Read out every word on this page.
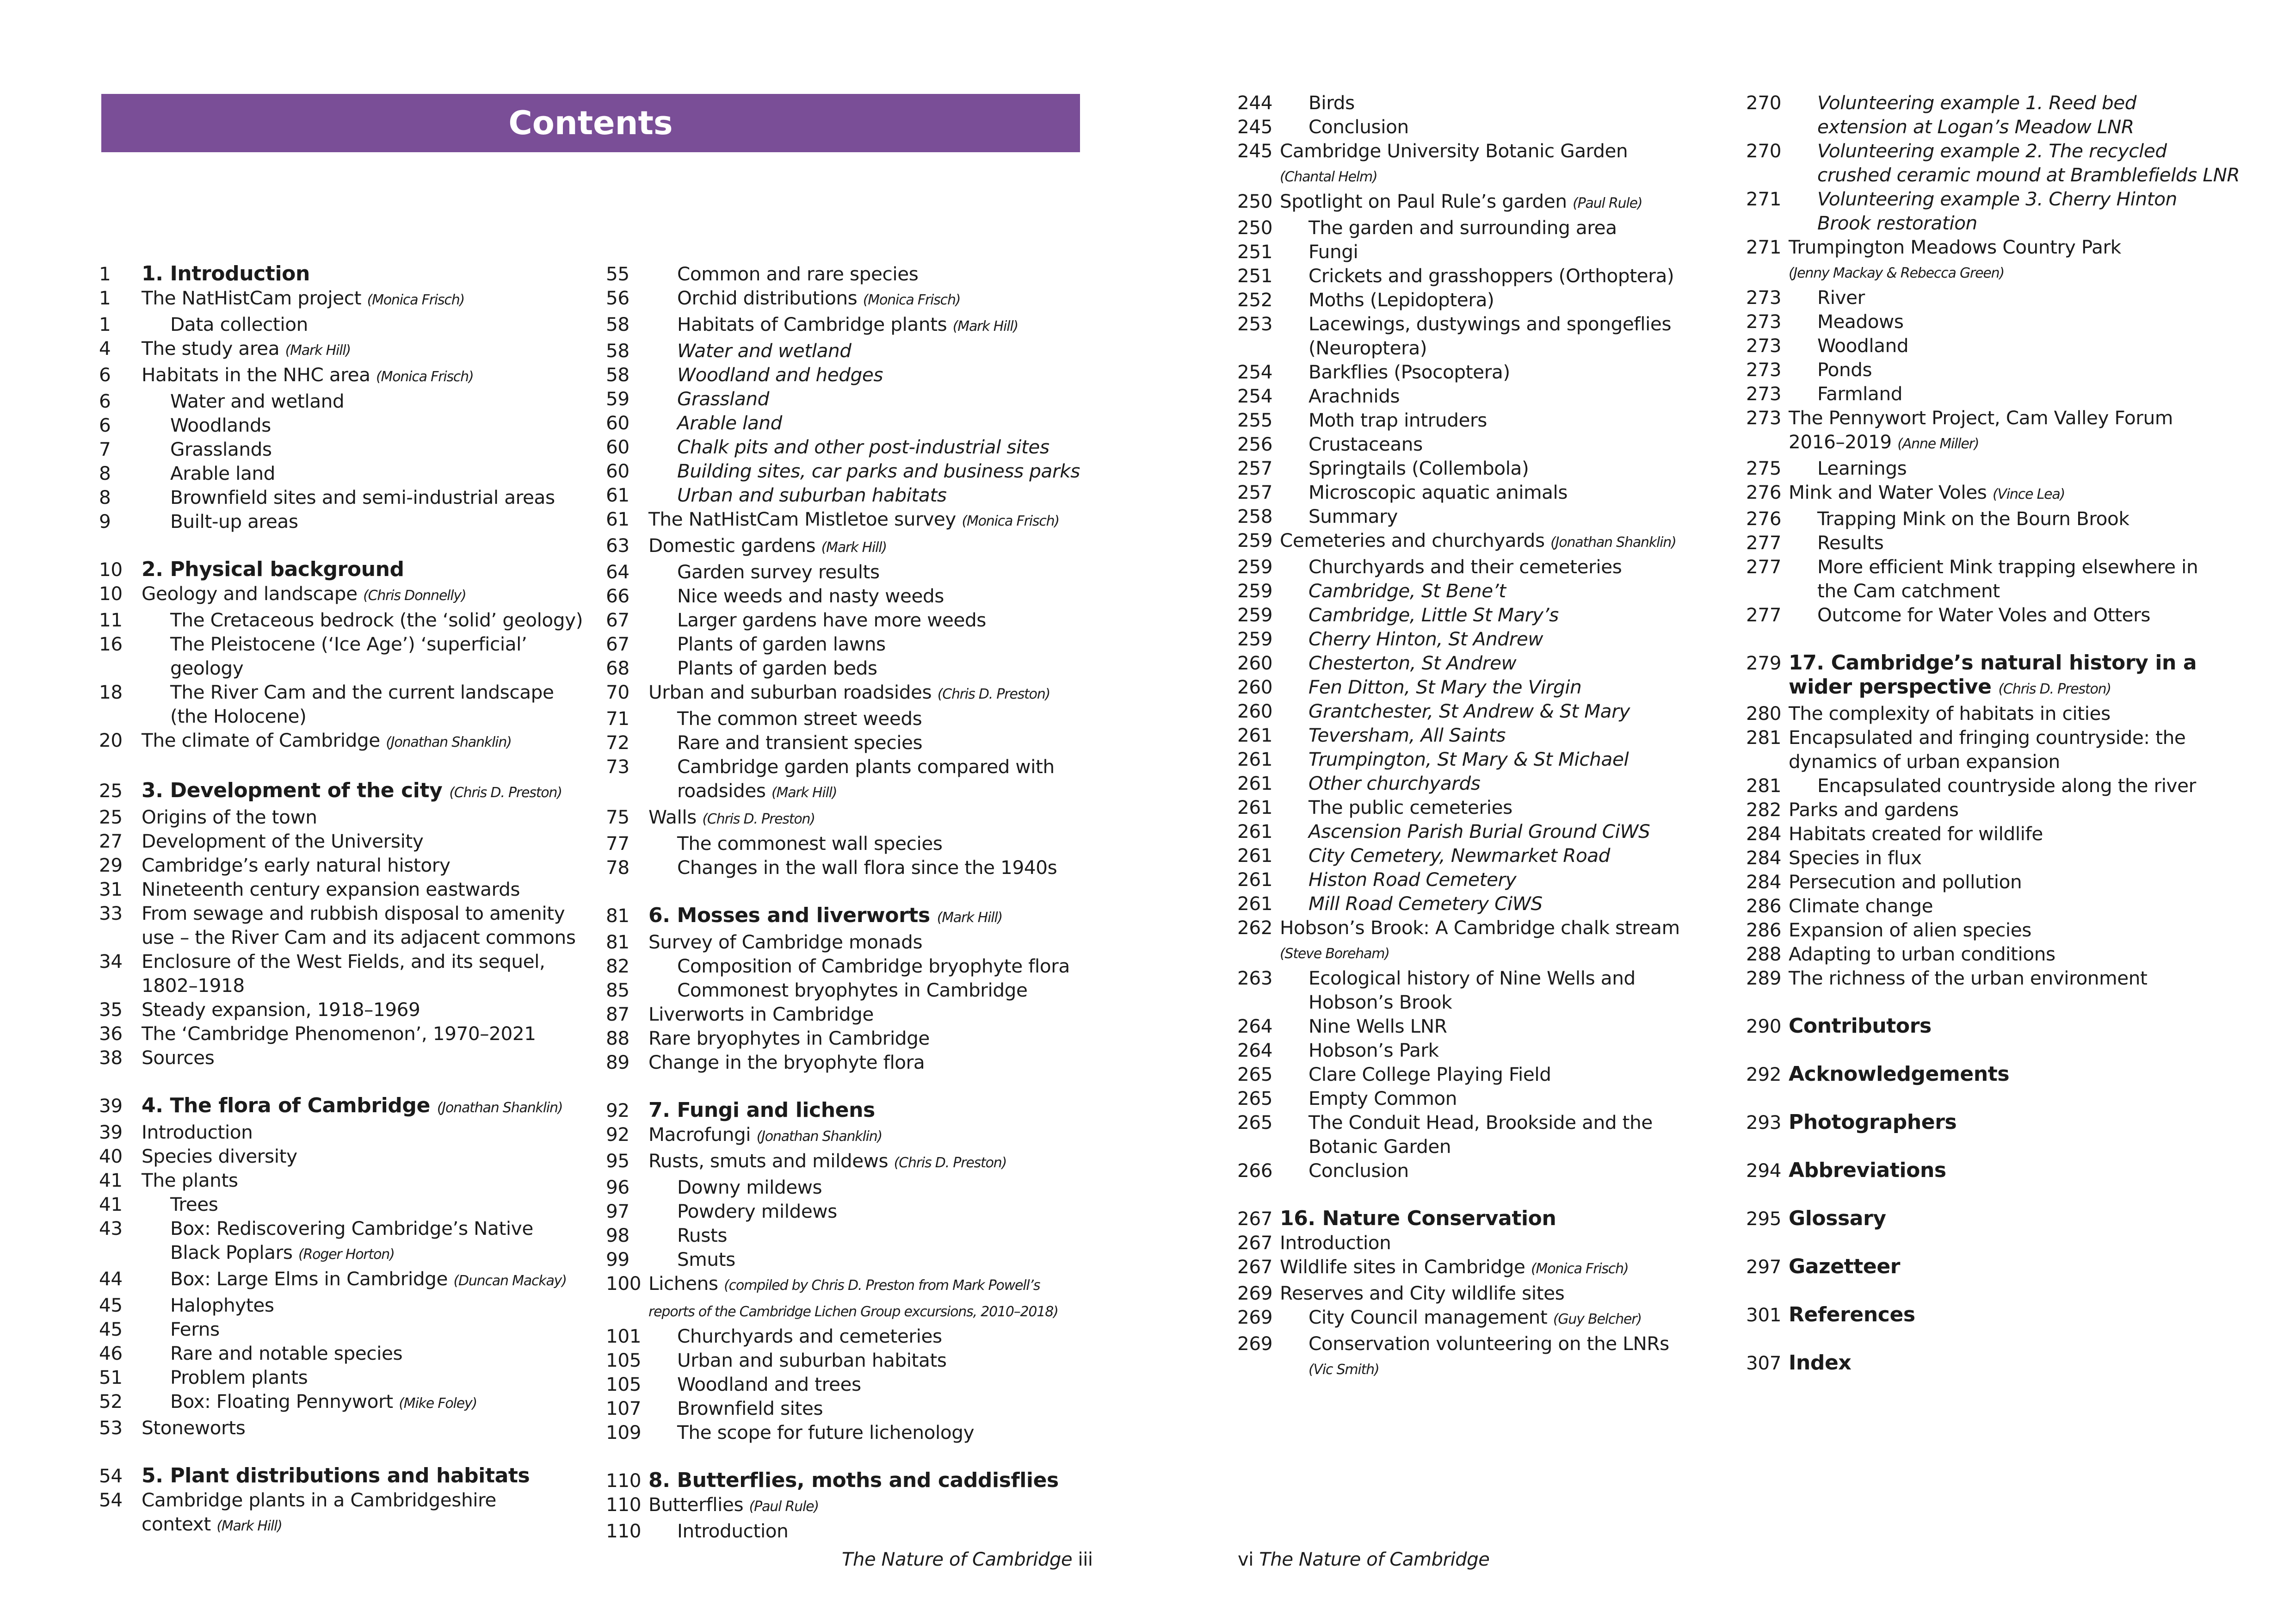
Contents
1	1. Introduction
1	The NatHistCam project (Monica Frisch)
1	Data collection
4	The study area (Mark Hill)
6	Habitats in the NHC area (Monica Frisch)
6	Water and wetland
6	Woodlands
7	Grasslands
8	Arable land
8	Brownfield sites and semi-industrial areas
9	Built-up areas
10 2. Physical background
10	Geology and landscape (Chris Donnelly)
11	The Cretaceous bedrock (the ‘solid’ geology)
16	The Pleistocene (‘Ice Age’) ‘superficial’
geology
18	The River Cam and the current landscape
(the Holocene)
20	The climate of Cambridge (Jonathan Shanklin)
25 3. Development of the city (Chris D. Preston)
25	Origins of the town
27	Development of the University
29	Cambridge’s early natural history
31	Nineteenth century expansion eastwards
33	From sewage and rubbish disposal to amenity
use – the River Cam and its adjacent commons
34	Enclosure of the West Fields, and its sequel,
1802–1918
35	Steady expansion, 1918–1969
36	The ‘Cambridge Phenomenon’, 1970–2021
38	Sources
39 4. The flora of Cambridge (Jonathan Shanklin)
39	Introduction
40	Species diversity
41	The plants
41	Trees
43	Box: Rediscovering Cambridge’s Native
Black Poplars (Roger Horton)
44	Box: Large Elms in Cambridge (Duncan Mackay)
45	Halophytes
45	Ferns
46	Rare and notable species
51	Problem plants
52	Box: Floating Pennywort (Mike Foley)
53	Stoneworts
54 5. Plant distributions and habitats
54	Cambridge plants in a Cambridgeshire
context (Mark Hill)
55	Common and rare species
56	Orchid distributions (Monica Frisch)
58	Habitats of Cambridge plants (Mark Hill)
58	Water and wetland
58	Woodland and hedges
59	Grassland
60	Arable land
60	Chalk pits and other post-industrial sites
60	Building sites, car parks and business parks
61	Urban and suburban habitats
61	The NatHistCam Mistletoe survey (Monica Frisch)
63	Domestic gardens (Mark Hill)
64	Garden survey results
66	Nice weeds and nasty weeds
67	Larger gardens have more weeds
67	Plants of garden lawns
68	Plants of garden beds
70	Urban and suburban roadsides (Chris D. Preston)
71	The common street weeds
72	Rare and transient species
73	Cambridge garden plants compared with
roadsides (Mark Hill)
75	Walls (Chris D. Preston)
77	The commonest wall species
78	Changes in the wall flora since the 1940s
81 6. Mosses and liverworts (Mark Hill)
81	Survey of Cambridge monads
82	Composition of Cambridge bryophyte flora
85	Commonest bryophytes in Cambridge
87	Liverworts in Cambridge
88	Rare bryophytes in Cambridge
89	Change in the bryophyte flora
92 7. Fungi and lichens
92	Macrofungi (Jonathan Shanklin)
95	Rusts, smuts and mildews (Chris D. Preston)
96	Downy mildews
97	Powdery mildews
98	Rusts
99	Smuts
100 Lichens (compiled by Chris D. Preston from Mark Powell’s
reports of the Cambridge Lichen Group excursions, 2010–2018)
101	Churchyards and cemeteries
105	Urban and suburban habitats
105	Woodland and trees
107	Brownfield sites
109	The scope for future lichenology
110 8. Butterflies, moths and caddisflies
110 Butterflies (Paul Rule)
110	Introduction
244	Birds
245	Conclusion
245 Cambridge University Botanic Garden
(Chantal Helm)
250 Spotlight on Paul Rule’s garden (Paul Rule)
250	The garden and surrounding area
251	Fungi
251	Crickets and grasshoppers (Orthoptera)
252	Moths (Lepidoptera)
253	Lacewings, dustywings and spongeflies
(Neuroptera)
254	Barkflies (Psocoptera)
254	Arachnids
255	Moth trap intruders
256	Crustaceans
257	Springtails (Collembola)
257	Microscopic aquatic animals
258	Summary
259 Cemeteries and churchyards (Jonathan Shanklin)
259	Churchyards and their cemeteries
259	Cambridge, St Bene’t
259	Cambridge, Little St Mary’s
259	Cherry Hinton, St Andrew
260	Chesterton, St Andrew
260	Fen Ditton, St Mary the Virgin
260	Grantchester, St Andrew & St Mary
261	Teversham, All Saints
261	Trumpington, St Mary & St Michael
261	Other churchyards
261	The public cemeteries
261	Ascension Parish Burial Ground CiWS
261	City Cemetery, Newmarket Road
261	Histon Road Cemetery
261	Mill Road Cemetery CiWS
262 Hobson’s Brook: A Cambridge chalk stream
(Steve Boreham)
263	Ecological history of Nine Wells and
Hobson’s Brook
264	Nine Wells LNR
264	Hobson’s Park
265	Clare College Playing Field
265	Empty Common
265	The Conduit Head, Brookside and the
Botanic Garden
266	Conclusion
267 16. Nature Conservation
267 Introduction
267 Wildlife sites in Cambridge (Monica Frisch)
269 Reserves and City wildlife sites
269	City Council management (Guy Belcher)
269	Conservation volunteering on the LNRs
(Vic Smith)
270	Volunteering example 1. Reed bed
extension at Logan’s Meadow LNR
270	Volunteering example 2. The recycled
crushed ceramic mound at Bramblefields LNR
271	Volunteering example 3. Cherry Hinton
Brook restoration
271 Trumpington Meadows Country Park
(Jenny Mackay & Rebecca Green)
273	River
273	Meadows
273	Woodland
273	Ponds
273	Farmland
273 The Pennywort Project, Cam Valley Forum
2016–2019 (Anne Miller)
275	Learnings
276 Mink and Water Voles (Vince Lea)
276	Trapping Mink on the Bourn Brook
277	Results
277	More efficient Mink trapping elsewhere in
the Cam catchment
277	Outcome for Water Voles and Otters
279 17. Cambridge’s natural history in a
wider perspective (Chris D. Preston)
280 The complexity of habitats in cities
281 Encapsulated and fringing countryside: the
dynamics of urban expansion
281	Encapsulated countryside along the river
282 Parks and gardens
284 Habitats created for wildlife
284 Species in flux
284 Persecution and pollution
286 Climate change
286 Expansion of alien species
288 Adapting to urban conditions
289 The richness of the urban environment
290 Contributors
292 Acknowledgements
293 Photographers
294 Abbreviations
295 Glossary
297 Gazetteer
301 References
307 Index
The Nature of Cambridge iii	vi The Nature of Cambridge
